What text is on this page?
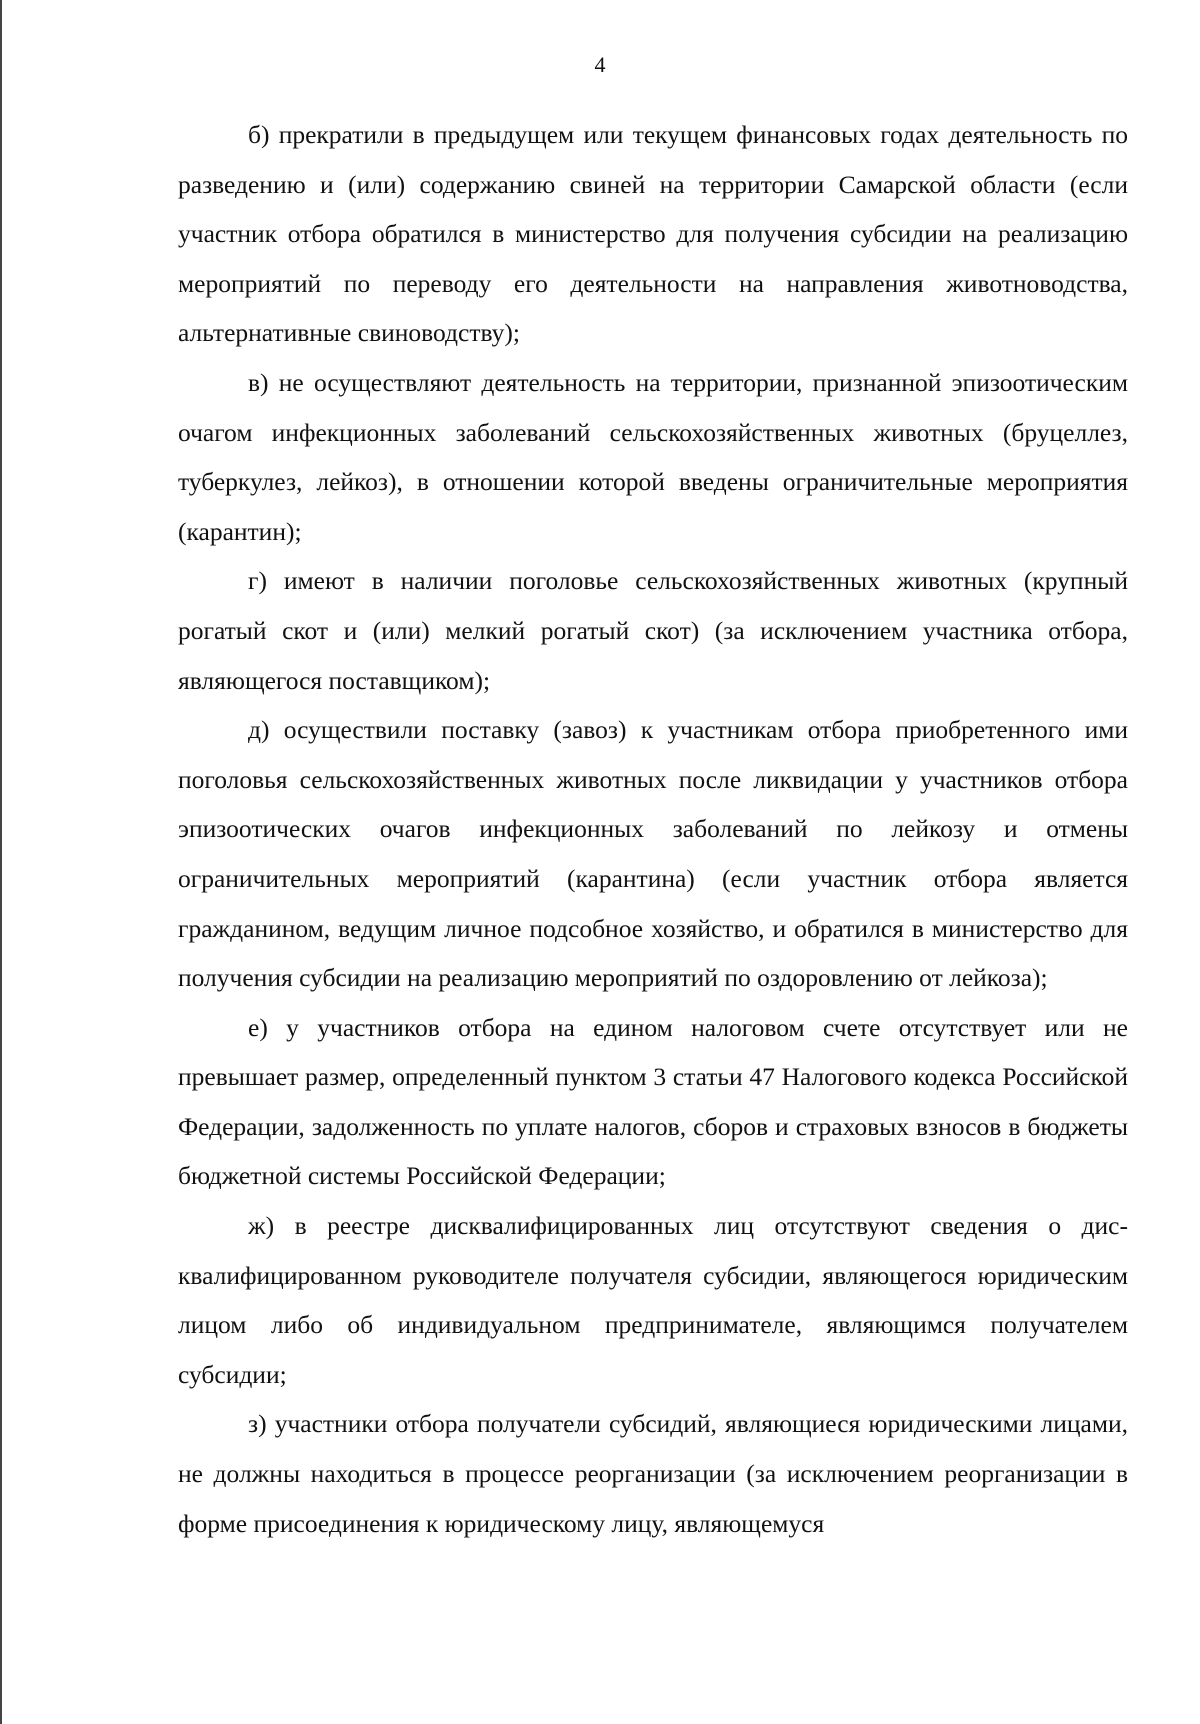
4

б) прекратили в предыдущем или текущем финансовых годах деятельность по разведению и (или) содержанию свиней на территории Самарской области (если участник отбора обратился в министерство для получения субсидии на реализацию мероприятий по переводу его деятельности на направления животноводства, альтернативные свиноводству);

в) не осуществляют деятельность на территории, признанной эпизоотическим очагом инфекционных заболеваний сельскохозяйственных животных (бруцеллез, туберкулез, лейкоз), в отношении которой введены ограничительные мероприятия (карантин);

г) имеют в наличии поголовье сельскохозяйственных животных (крупный рогатый скот и (или) мелкий рогатый скот) (за исключением участника отбора, являющегося поставщиком);

д) осуществили поставку (завоз) к участникам отбора приобретенного ими поголовья сельскохозяйственных животных после ликвидации у участников отбора эпизоотических очагов инфекционных заболеваний по лейкозу и отмены ограничительных мероприятий (карантина) (если участник отбора является гражданином, ведущим личное подсобное хозяйство, и обратился в министерство для получения субсидии на реализацию мероприятий по оздоровлению от лейкоза);

е) у участников отбора на едином налоговом счете отсутствует или не превышает размер, определенный пунктом 3 статьи 47 Налогового кодекса Российской Федерации, задолженность по уплате налогов, сборов и страховых взносов в бюджеты бюджетной системы Российской Федерации;

ж) в реестре дисквалифицированных лиц отсутствуют сведения о дисквалифицированном руководителе получателя субсидии, являющегося юридическим лицом либо об индивидуальном предпринимателе, являющимся получателем субсидии;

з) участники отбора получатели субсидий, являющиеся юридическими лицами, не должны находиться в процессе реорганизации (за исключением реорганизации в форме присоединения к юридическому лицу, являющемуся
